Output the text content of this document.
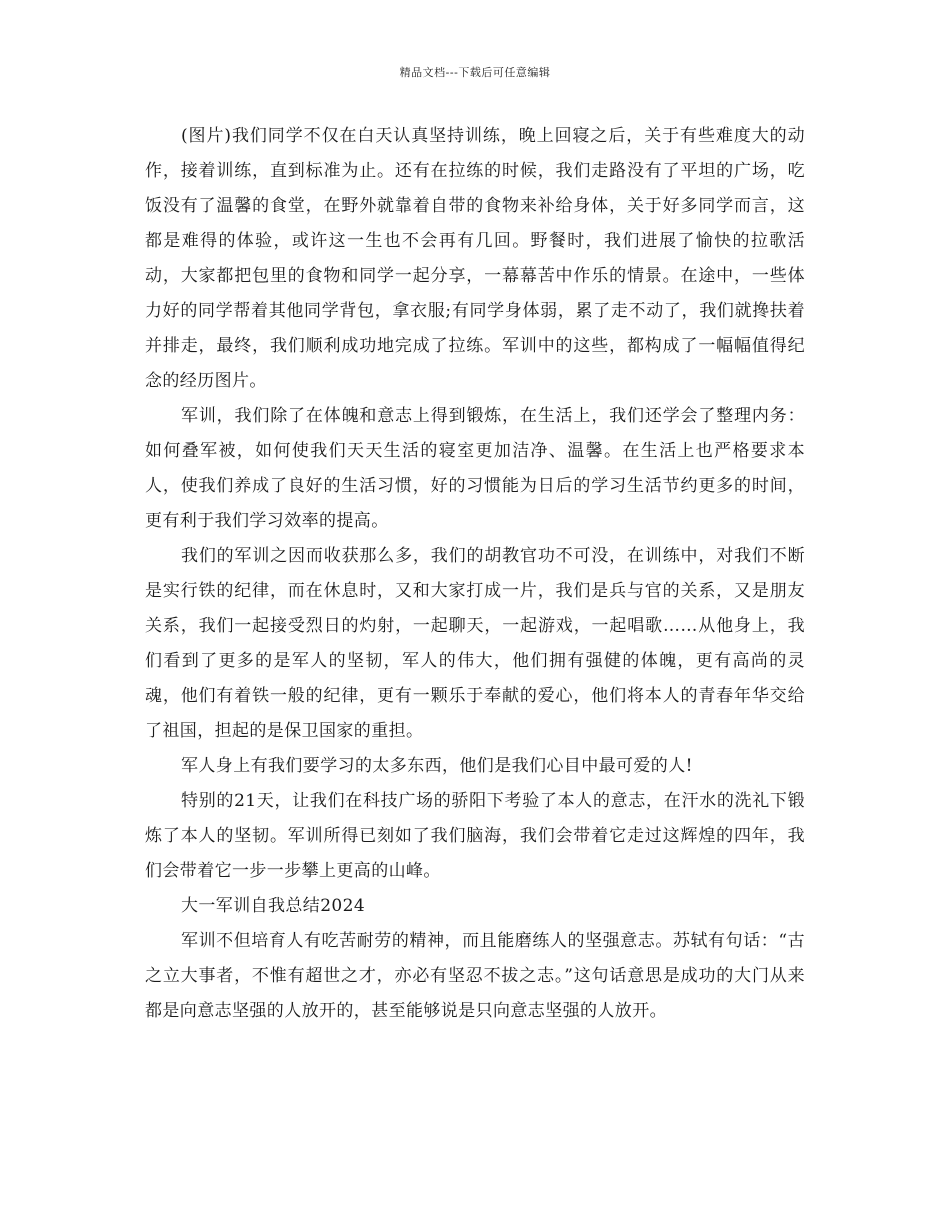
精品文档---下载后可任意编辑

(图片)我们同学不仅在白天认真坚持训练，晚上回寝之后，关于有些难度大的动作，接着训练，直到标准为止。还有在拉练的时候，我们走路没有了平坦的广场，吃饭没有了温馨的食堂，在野外就靠着自带的食物来补给身体，关于好多同学而言，这都是难得的体验，或许这一生也不会再有几回。野餐时，我们进展了愉快的拉歌活动，大家都把包里的食物和同学一起分享，一幕幕苦中作乐的情景。在途中，一些体力好的同学帮着其他同学背包，拿衣服;有同学身体弱，累了走不动了，我们就搀扶着并排走，最终，我们顺利成功地完成了拉练。军训中的这些，都构成了一幅幅值得纪念的经历图片。

军训，我们除了在体魄和意志上得到锻炼，在生活上，我们还学会了整理内务：如何叠军被，如何使我们天天生活的寝室更加洁净、温馨。在生活上也严格要求本人，使我们养成了良好的生活习惯，好的习惯能为日后的学习生活节约更多的时间，更有利于我们学习效率的提高。

我们的军训之因而收获那么多，我们的胡教官功不可没，在训练中，对我们不断是实行铁的纪律，而在休息时，又和大家打成一片，我们是兵与官的关系，又是朋友关系，我们一起接受烈日的灼射，一起聊天，一起游戏，一起唱歌……从他身上，我们看到了更多的是军人的坚韧，军人的伟大，他们拥有强健的体魄，更有高尚的灵魂，他们有着铁一般的纪律，更有一颗乐于奉献的爱心，他们将本人的青春年华交给了祖国，担起的是保卫国家的重担。

军人身上有我们要学习的太多东西，他们是我们心目中最可爱的人!

特别的21天，让我们在科技广场的骄阳下考验了本人的意志，在汗水的洗礼下锻炼了本人的坚韧。军训所得已刻如了我们脑海，我们会带着它走过这辉煌的四年，我们会带着它一步一步攀上更高的山峰。

大一军训自我总结2024

军训不但培育人有吃苦耐劳的精神，而且能磨练人的坚强意志。苏轼有句话：“古之立大事者，不惟有超世之才，亦必有坚忍不拔之志。”这句话意思是成功的大门从来都是向意志坚强的人放开的，甚至能够说是只向意志坚强的人放开。
